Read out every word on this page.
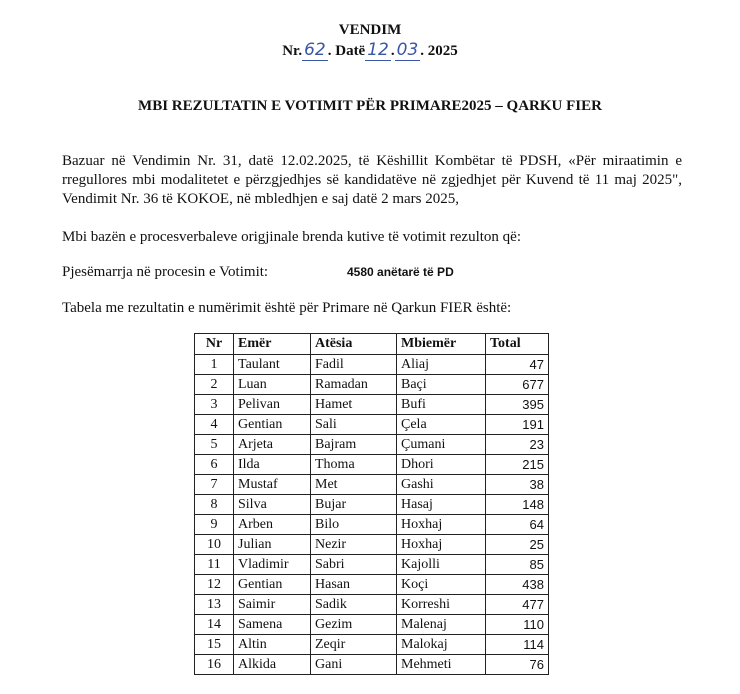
VENDIM
Nr. 62 . Datë 12 . 03 . 2025
MBI REZULTATIN E VOTIMIT PËR PRIMARE2025 – QARKU FIER
Bazuar në Vendimin Nr. 31, datë 12.02.2025, të Këshillit Kombëtar të PDSH, «Për miraatimin e rregullores mbi modalitetet e përzgjedhjes së kandidatëve në zgjedhjet për Kuvend të 11 maj 2025", Vendimit Nr. 36 të KOKOE, në mbledhjen e saj datë 2 mars 2025,
Mbi bazën e procesverbaleve origjinale brenda kutive të votimit rezulton që:
Pjesëmarrja në procesin e Votimit:	4580 anëtarë të PD
Tabela me rezultatin e numërimit është për Primare në Qarkun FIER është:
Nr	Emër	Atësia	Mbiemër	Total
1	Taulant	Fadil	Aliaj	47
2	Luan	Ramadan	Baçi	677
3	Pelivan	Hamet	Bufi	395
4	Gentian	Sali	Çela	191
5	Arjeta	Bajram	Çumani	23
6	Ilda	Thoma	Dhori	215
7	Mustaf	Met	Gashi	38
8	Silva	Bujar	Hasaj	148
9	Arben	Bilo	Hoxhaj	64
10	Julian	Nezir	Hoxhaj	25
11	Vladimir	Sabri	Kajolli	85
12	Gentian	Hasan	Koçi	438
13	Saimir	Sadik	Korreshi	477
14	Samena	Gezim	Malenaj	110
15	Altin	Zeqir	Malokaj	114
16	Alkida	Gani	Mehmeti	76
